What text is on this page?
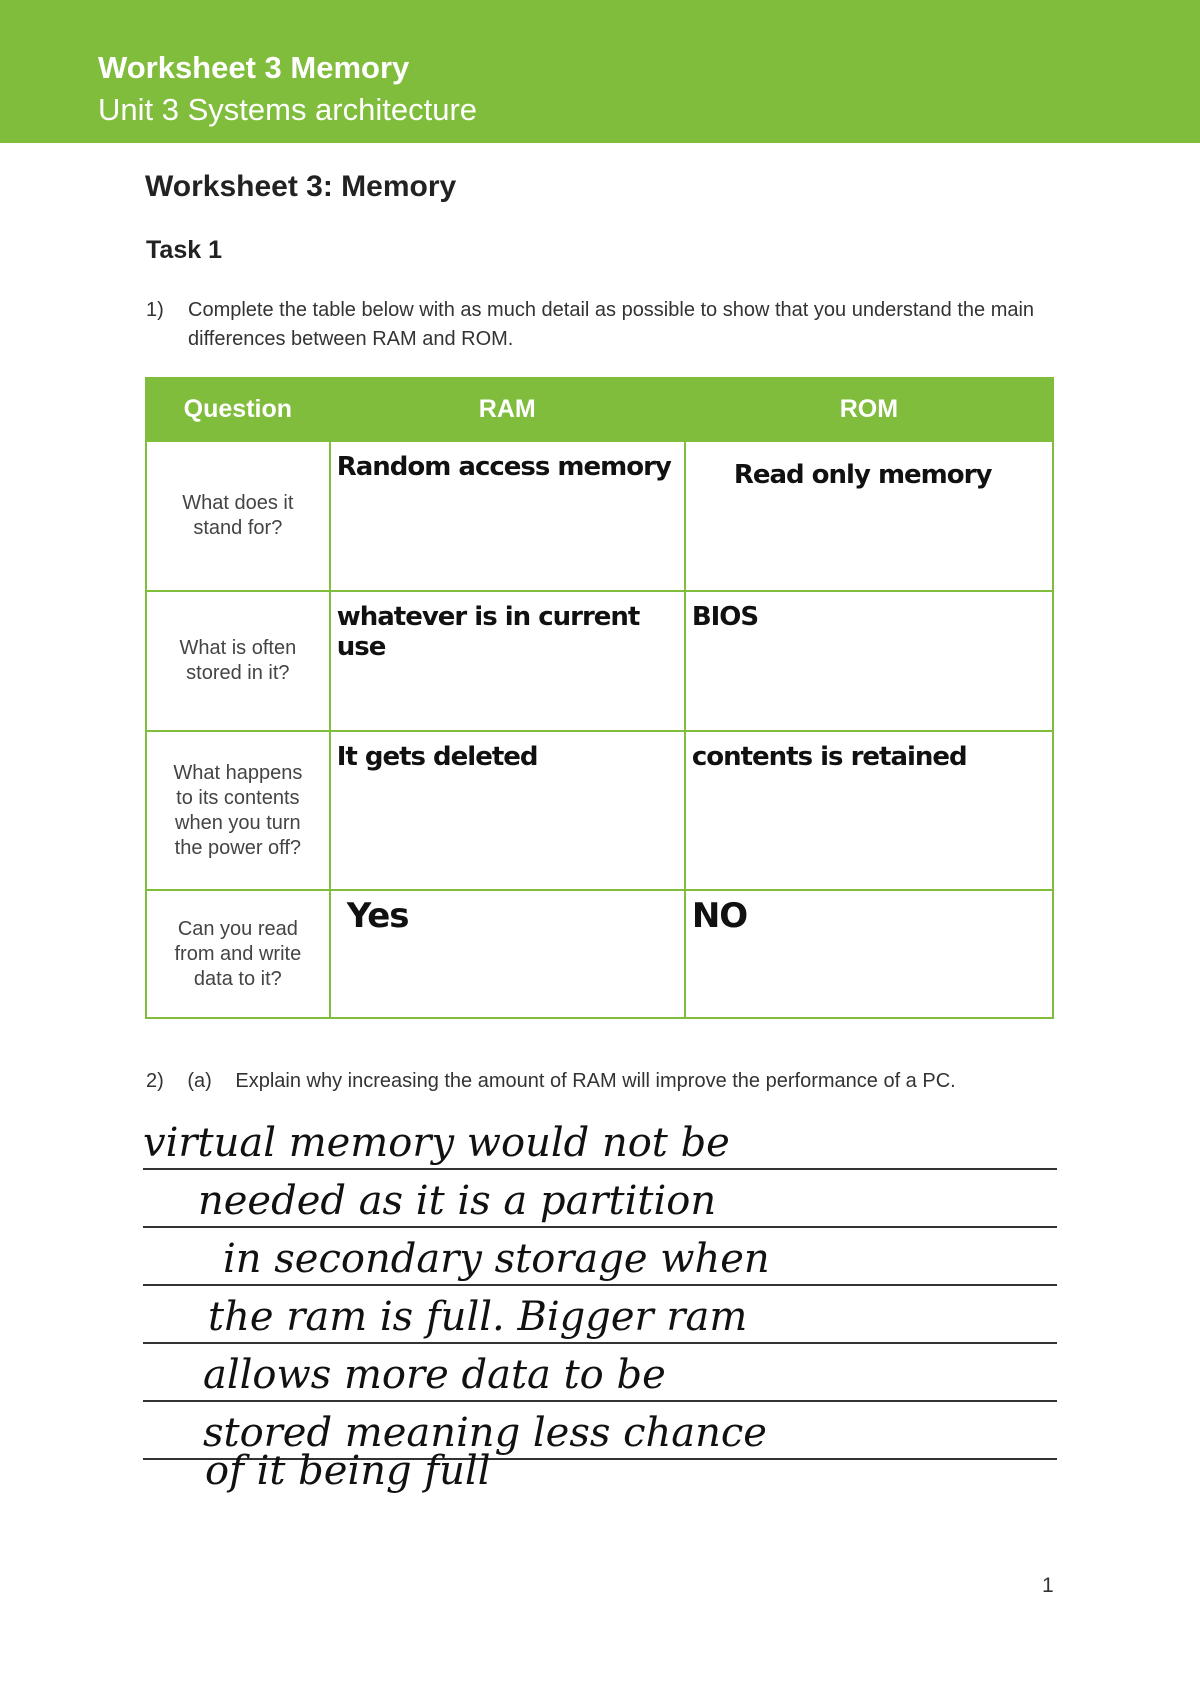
Worksheet 3 Memory
Unit 3 Systems architecture
Worksheet 3: Memory
Task 1
1) Complete the table below with as much detail as possible to show that you understand the main differences between RAM and ROM.
Question	RAM	ROM
What does it stand for?	Random access memory	Read only memory

What is often stored in it?	whatever is in current use	BIOS

What happens to its contents when you turn the power off?	It gets deleted	contents is retained

Can you read from and write data to it?	Yes	NO
2) (a) Explain why increasing the amount of RAM will improve the performance of a PC.
virtual memory would not be
needed as it is a partition
in secondary storage when
the ram is full. Bigger ram
allows more data to be
stored meaning less chance
of it being full
1
